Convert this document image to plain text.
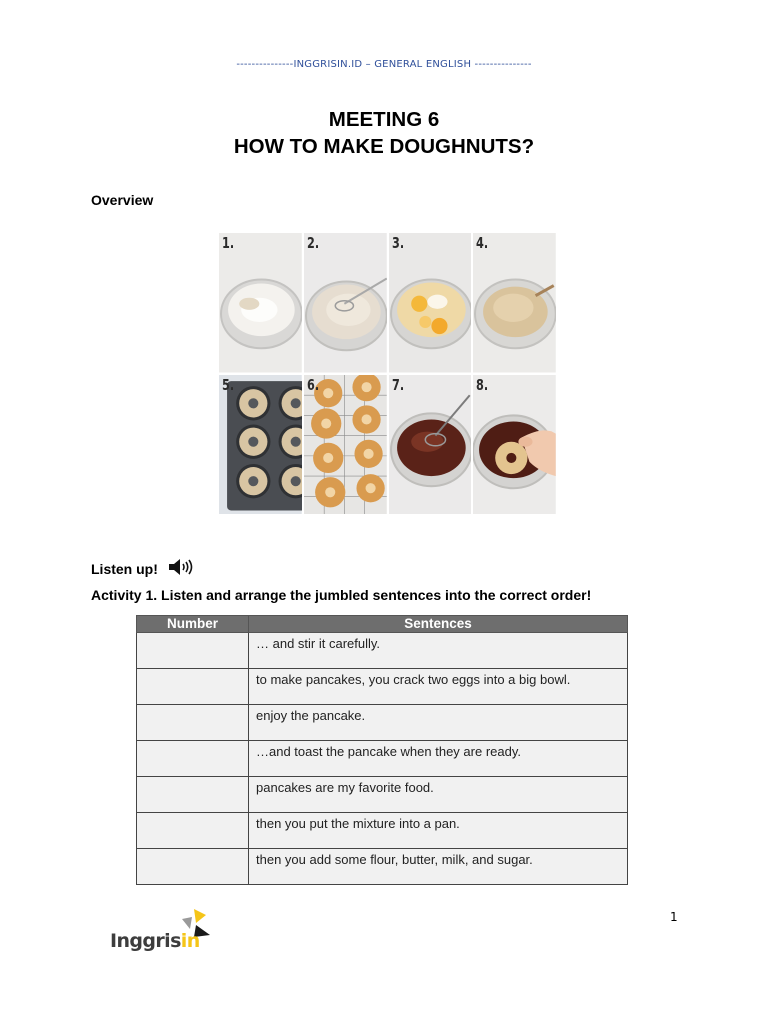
---------------INGGRISIN.ID – GENERAL ENGLISH ---------------
MEETING 6
HOW TO MAKE DOUGHNUTS?
Overview
1.	2.	3.	4.
5.	6.	7.	8.
Listen up!
Activity 1. Listen and arrange the jumbled sentences into the correct order!
Number	Sentences
	… and stir it carefully.
	to make pancakes, you crack two eggs into a big bowl.
	enjoy the pancake.
	…and toast the pancake when they are ready.
	pancakes are my favorite food.
	then you put the mixture into a pan.
	then you add some flour, butter, milk, and sugar.
Inggrisin
1
